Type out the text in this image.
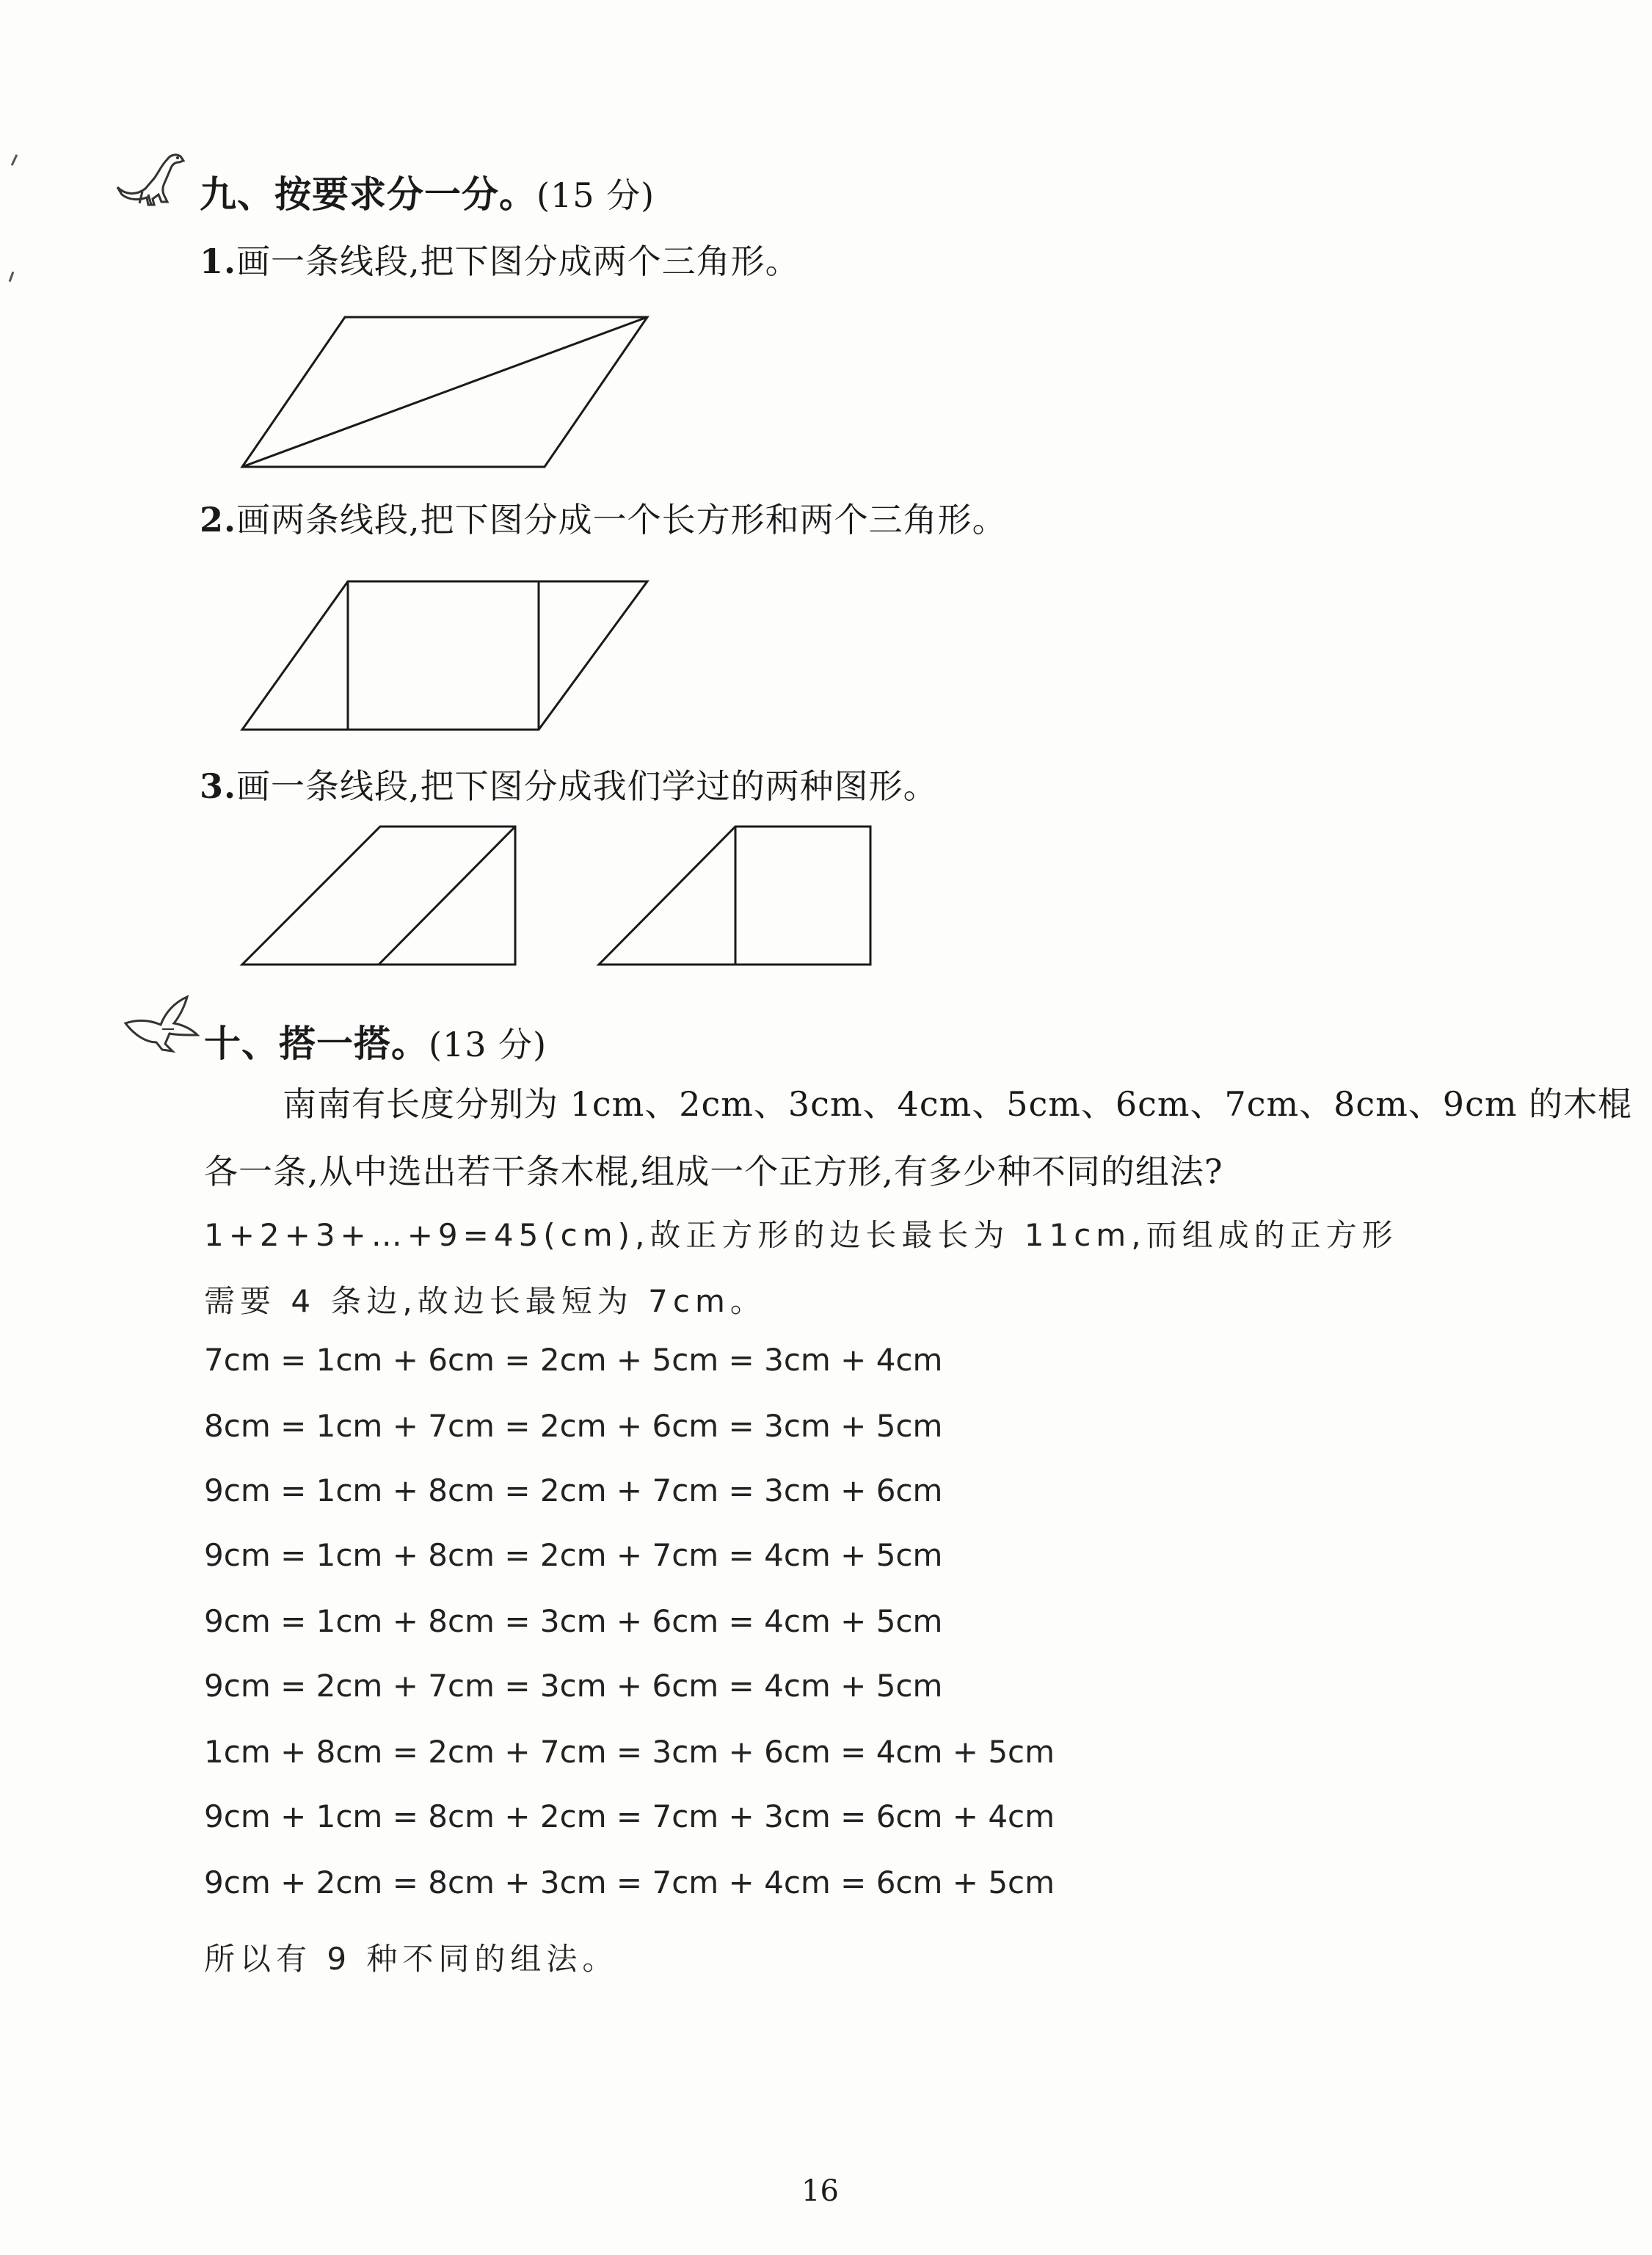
九、按要求分一分。(15 分)
1.画一条线段,把下图分成两个三角形。
2.画两条线段,把下图分成一个长方形和两个三角形。
3.画一条线段,把下图分成我们学过的两种图形。
十、搭一搭。(13 分)
南南有长度分别为 1cm、2cm、3cm、4cm、5cm、6cm、7cm、8cm、9cm 的木棍
各一条,从中选出若干条木棍,组成一个正方形,有多少种不同的组法?
1+2+3+…+9=45(cm),故正方形的边长最长为 11cm,而组成的正方形
需要 4 条边,故边长最短为 7cm。
7cm = 1cm + 6cm = 2cm + 5cm = 3cm + 4cm
8cm = 1cm + 7cm = 2cm + 6cm = 3cm + 5cm
9cm = 1cm + 8cm = 2cm + 7cm = 3cm + 6cm
9cm = 1cm + 8cm = 2cm + 7cm = 4cm + 5cm
9cm = 1cm + 8cm = 3cm + 6cm = 4cm + 5cm
9cm = 2cm + 7cm = 3cm + 6cm = 4cm + 5cm
1cm + 8cm = 2cm + 7cm = 3cm + 6cm = 4cm + 5cm
9cm + 1cm = 8cm + 2cm = 7cm + 3cm = 6cm + 4cm
9cm + 2cm = 8cm + 3cm = 7cm + 4cm = 6cm + 5cm
所以有 9 种不同的组法。
16
